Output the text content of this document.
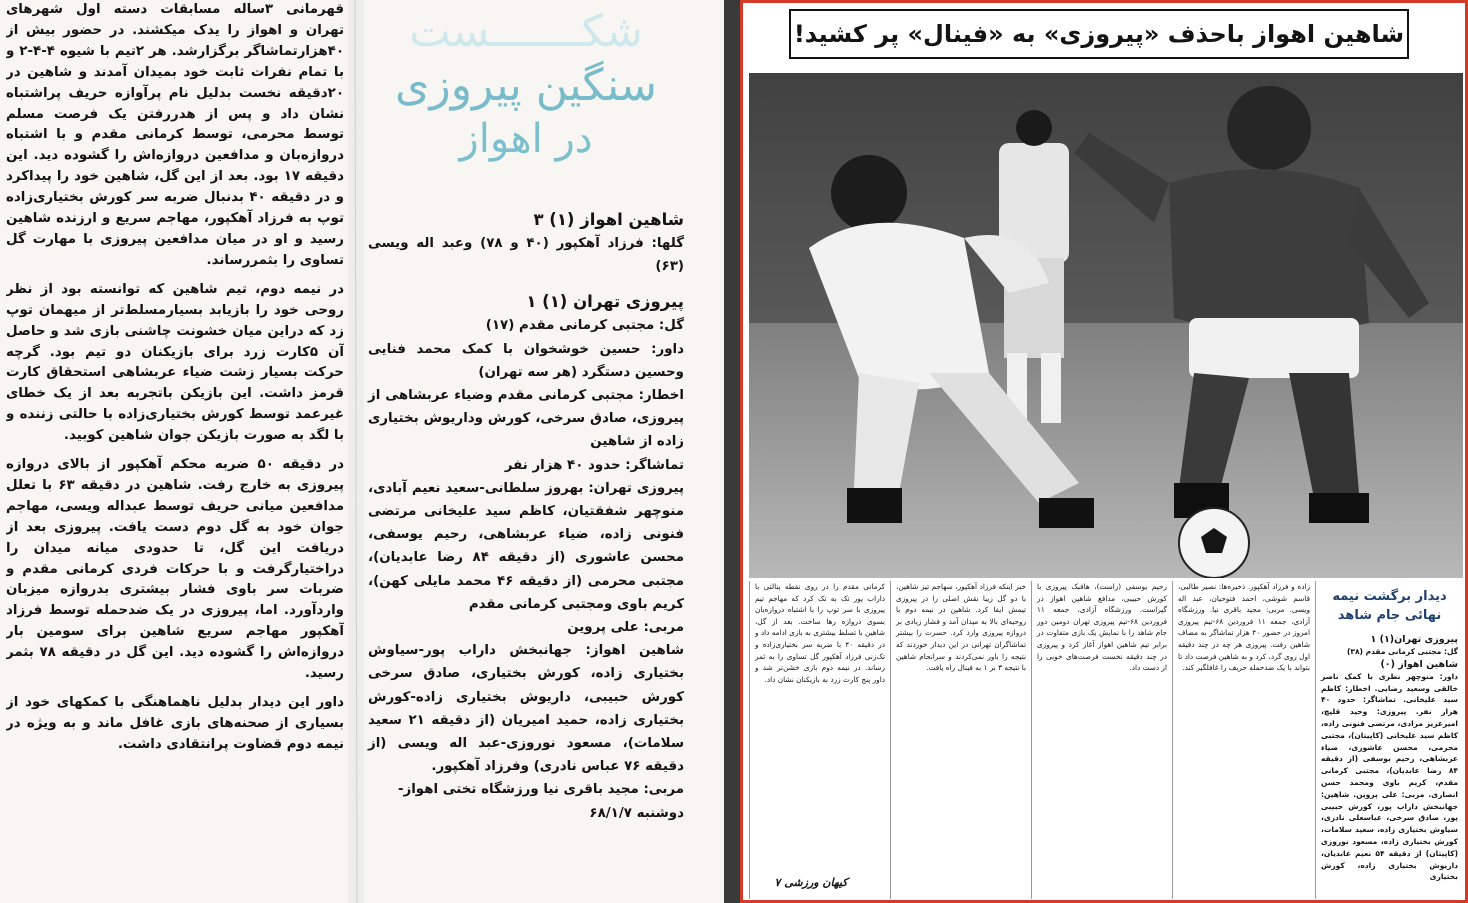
قهرمانی ۳ساله مسابقات دسته اول شهرهای تهران و اهواز را یدک میکشند. در حضور بیش از ۴۰هزارتماشاگر برگزارشد. هر ۲تیم با شیوه ۴-۴-۲ و با تمام نفرات ثابت خود بمیدان آمدند و شاهین در ۲۰دقیقه نخست بدلیل نام پرآوازه حریف پراشتباه نشان داد و پس از هدررفتن یک فرصت مسلم توسط محرمی، توسط کرمانی مقدم و با اشتباه دروازه‌بان و مدافعین دروازه‌اش را گشوده دید. این دقیقه ۱۷ بود. بعد از این گل، شاهین خود را پیداکرد و در دقیقه ۴۰ بدنبال ضربه سر کورش بختیاری‌زاده توپ به فرزاد آهکپور، مهاجم سریع و ارزنده شاهین رسید و او در میان مدافعین پیروزی با مهارت گل تساوی را بثمررساند.

در نیمه دوم، تیم شاهین که توانسته بود از نظر روحی خود را بازیابد بسیارمسلط‌تر از میهمان توپ زد که دراین میان خشونت چاشنی بازی شد و حاصل آن ۵کارت زرد برای بازیکنان دو تیم بود. گرچه حرکت بسیار زشت ضیاء عربشاهی استحقاق کارت قرمز داشت. این بازیکن باتجربه بعد از یک خطای غیرعمد توسط کورش بختیاری‌زاده با حالتی زننده و با لگد به صورت بازیکن جوان شاهین کوبید.

در دقیقه ۵۰ ضربه محکم آهکپور از بالای دروازه پیروزی به خارج رفت. شاهین در دقیقه ۶۳ با تعلل مدافعین میانی حریف توسط عبداله ویسی، مهاجم جوان خود به گل دوم دست یافت. پیروزی بعد از دریافت این گل، تا حدودی میانه میدان را دراختیارگرفت و با حرکات فردی کرمانی مقدم و ضربات سر باوی فشار بیشتری بدروازه میزبان واردآورد. اما، پیروزی در یک ضدحمله توسط فرزاد آهکپور مهاجم سریع شاهین برای سومین بار دروازه‌اش را گشوده دید. این گل در دقیقه ۷۸ بثمر رسید.

داور این دیدار بدلیل ناهماهنگی با کمکهای خود از بسیاری از صحنه‌های بازی غافل ماند و به ویژه در نیمه دوم قضاوت پرانتقادی داشت.

شکـــــــست
سنگین پیروزی
در اهواز
شاهین اهواز (۱) ۳
گلها: فرزاد آهکپور (۴۰ و ۷۸) وعبد اله ویسی (۶۳)
پیروزی تهران (۱) ۱
گل: مجتبی کرمانی مقدم (۱۷)
داور: حسین خوشخوان با کمک محمد فنایی وحسین دستگرد (هر سه تهران)
اخطار: مجتبی کرمانی مقدم وضیاء عربشاهی از پیروزی، صادق سرخی، کورش وداریوش بختیاری زاده از شاهین
تماشاگر: حدود ۴۰ هزار نفر
پیروزی تهران: بهروز سلطانی-سعید نعیم آبادی، منوچهر شفقتیان، کاظم سید علیخانی مرتضی فنونی زاده، ضیاء عربشاهی، رحیم یوسفی، محسن عاشوری (از دقیقه ۸۴ رضا عابدیان)، مجتبی محرمی (از دقیقه ۴۶ محمد مایلی کهن)، کریم باوی ومجتبی کرمانی مقدم
مربی: علی پروین
شاهین اهواز: جهانبخش داراب پور-سیاوش بختیاری زاده، کورش بختیاری، صادق سرخی کورش حبیبی، داریوش بختیاری زاده-کورش بختیاری زاده، حمید امیریان (از دقیقه ۲۱ سعید سلامات)، مسعود نوروزی-عبد اله ویسی (از دقیقه ۷۶ عباس نادری) وفرزاد آهکپور.
مربی: مجید باقری نیا ورزشگاه تختی اهواز-
دوشنبه ۶۸/۱/۷
شاهین اهواز باحذف «پیروزی» به «فینال» پر کشید!
کرمانی مقدم را در روی نقطه پنالتی با داراب پور تک به تک کرد که مهاجم تیم پیروزی با سر توپ را با اشتباه دروازه‌بان بسوی دروازه رها ساخت. بعد از گل، شاهین با تسلط بیشتری به بازی ادامه داد و در دقیقه ۴۰ با ضربه سر بختیاری‌زاده و تک‌زنی فرزاد آهکپور گل تساوی را به ثمر رساند. در نیمه دوم بازی خشن‌تر شد و داور پنج کارت زرد به بازیکنان نشان داد.
کیهان ورزشی ۷
خبر اینکه فرزاد آهکپور، سهاجم تیز شاهین، با دو گل زیبا نقش اصلی را در پیروزی تیمش ایفا کرد. شاهین در نیمه دوم با روحیه‌ای بالا به میدان آمد و فشار زیادی بر دروازه پیروزی وارد کرد. حسرت را بیشتر تماشاگران تهرانی در این دیدار خوردند که نتیجه را باور نمی‌کردند و سرانجام شاهین با نتیجه ۳ بر ۱ به فینال راه یافت.
رحیم یوسفی (راست)، هافبک پیروزی با کورش حبیبی، مدافع شاهین اهواز در گیراست. ورزشگاه آزادی، جمعه ۱۱ فروردین ۶۸-تیم پیروزی تهران دومین دور جام شاهد را با نمایش یک بازی متفاوت در برابر تیم شاهین اهواز آغاز کرد و پیروزی در چند دقیقه نخست فرصت‌های خوبی را از دست داد.
زاده و فرزاد آهکپور. ذخیره‌ها: نصیر طالبی، قاسم شوشی، احمد فتوحیان، عبد اله ویسی. مربی: مجید باقری نیا. ورزشگاه آزادی، جمعه ۱۱ فروردین ۶۸-تیم پیروزی امروز در حضور ۴۰ هزار تماشاگر به مصاف شاهین رفت. پیروزی هر چه در چند دقیقه اول روی گرد، کرد و به شاهین فرصت داد تا بتواند با یک ضدحمله حریف را غافلگیر کند.
دیدار برگشت نیمه نهائی جام شاهد
پیروزی تهران(۱) ۱
گل: مجتبی کرمانی مقدم (۳۸)
شاهین اهواز (۰)
داور: منوچهر نظری با کمک ناصر خالقی وسعید رضایی. اخطار: کاظم سید علیخانی. تماشاگر: حدود ۴۰ هزار نفر. پیروزی: وحید قلیچ، امیرعزیز مرادی، مرتضی فنونی زاده، کاظم سید علیخانی (کاپیتان)، مجتبی محرمی، محسن عاشوری، ضیاء عربشاهی، رحیم یوسفی (از دقیقه ۸۴ رضا عابدیان)، مجتبی کرمانی مقدم، کریم باوی ومحمد حسن انصاری. مربی: علی پروین. شاهین: جهانبخش داراب پور، کورش حبیبی پور، صادق سرخی، عباسعلی نادری، سیاوش بختیاری زاده، سعید سلامات، کورش بختیاری زاده، مسعود نوروزی (کاپیتان) از دقیقه ۵۴ نعیم عابدیان، داریوش بختیاری زاده، کورش بختیاری
